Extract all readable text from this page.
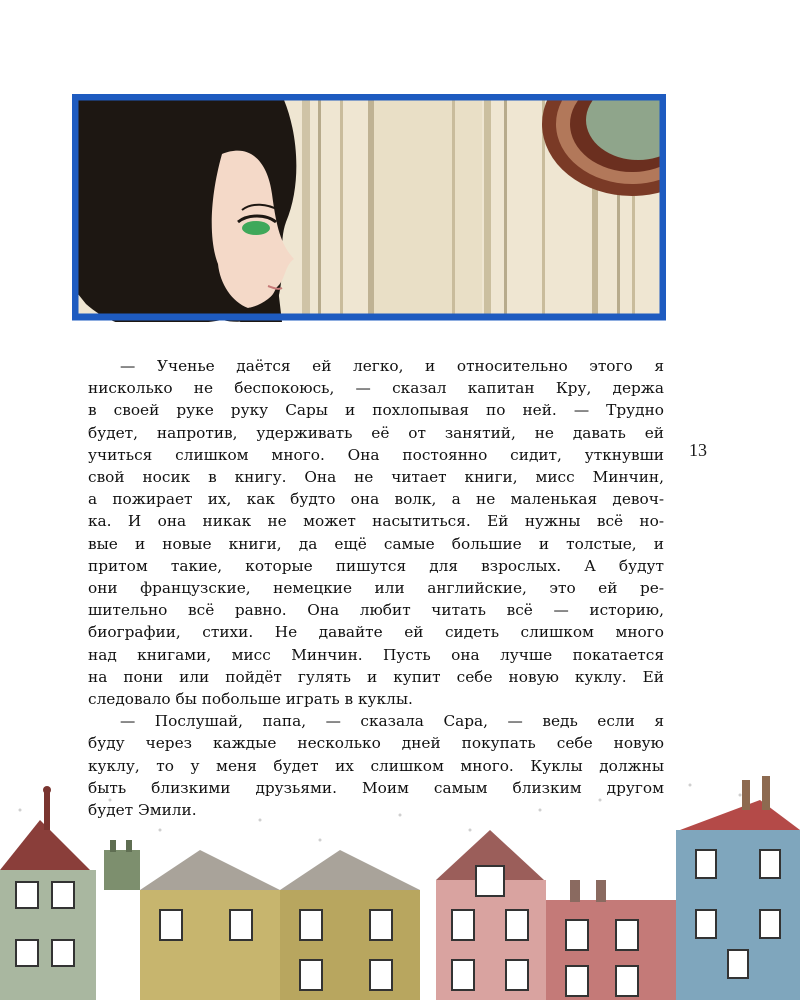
13
— Ученье даётся ей легко, и относительно этого я
нисколько не беспокоюсь, — сказал капитан Кру, держа
в своей руке руку Сары и похлопывая по ней. — Трудно
будет, напротив, удерживать её от занятий, не давать ей
учиться слишком много. Она постоянно сидит, уткнувши
свой носик в книгу. Она не читает книги, мисс Минчин,
а пожирает их, как будто она волк, а не маленькая девоч-
ка. И она никак не может насытиться. Ей нужны всё но-
вые и новые книги, да ещё самые большие и толстые, и
притом такие, которые пишутся для взрослых. А будут
они французские, немецкие или английские, это ей ре-
шительно всё равно. Она любит читать всё — историю,
биографии, стихи. Не давайте ей сидеть слишком много
над книгами, мисс Минчин. Пусть она лучше покатается
на пони или пойдёт гулять и купит себе новую куклу. Ей
следовало бы побольше играть в куклы.
— Послушай, папа, — сказала Сара, — ведь если я
буду через каждые несколько дней покупать себе новую
куклу, то у меня будет их слишком много. Куклы должны
быть близкими друзьями. Моим самым близким другом
будет Эмили.
